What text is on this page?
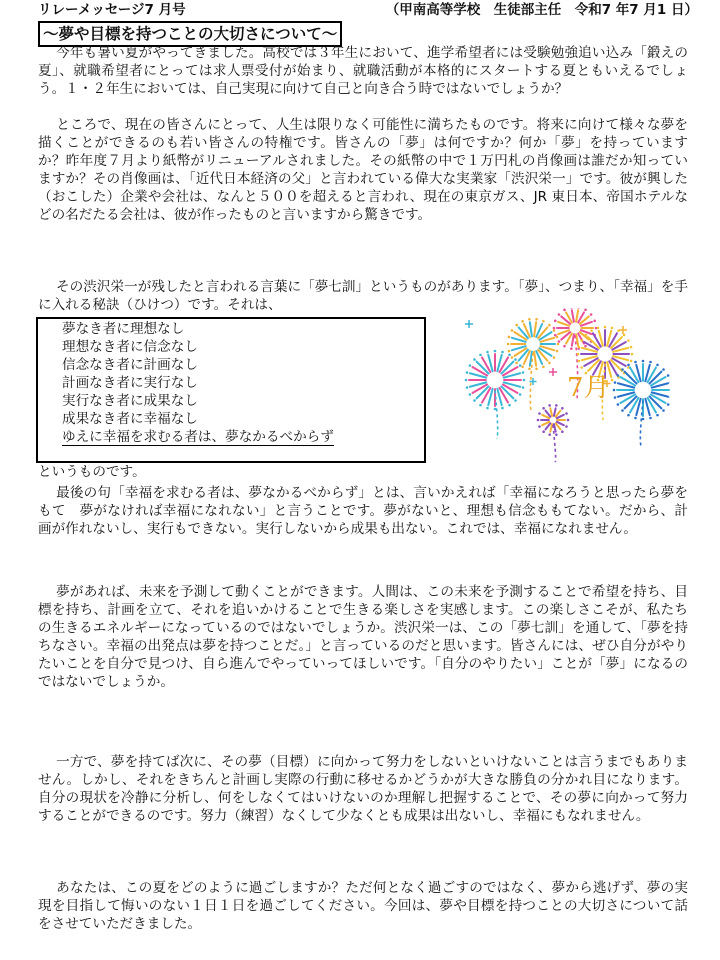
リレーメッセージ7 月号	（甲南高等学校　生徒部主任　令和7 年7 月1 日）
〜夢や目標を持つことの大切さについて〜

今年も暑い夏がやってきました。高校では３年生において、進学希望者には受験勉強追い込み「鍛えの夏」、就職希望者にとっては求人票受付が始まり、就職活動が本格的にスタートする夏ともいえるでしょう。１・２年生においては、自己実現に向けて自己と向き合う時ではないでしょうか？

ところで、現在の皆さんにとって、人生は限りなく可能性に満ちたものです。将来に向けて様々な夢を描くことができるのも若い皆さんの特権です。皆さんの「夢」は何ですか？何か「夢」を持っていますか？昨年度７月より紙幣がリニューアルされました。その紙幣の中で１万円札の肖像画は誰だか知っていますか？その肖像画は、「近代日本経済の父」と言われている偉大な実業家「渋沢栄一」です。彼が興した（おこした）企業や会社は、なんと５００を超えると言われ、現在の東京ガス、JR 東日本、帝国ホテルなどの名だたる会社は、彼が作ったものと言いますから驚きです。

その渋沢栄一が残したと言われる言葉に「夢七訓」というものがあります。「夢」、つまり、「幸福」を手に入れる秘訣（ひけつ）です。それは、

夢なき者に理想なし
理想なき者に信念なし
信念なき者に計画なし
計画なき者に実行なし
実行なき者に成果なし
成果なき者に幸福なし
ゆえに幸福を求むる者は、夢なかるべからず

というものです。

最後の句「幸福を求むる者は、夢なかるべからず」とは、言いかえれば「幸福になろうと思ったら夢をもて　夢がなければ幸福になれない」と言うことです。夢がないと、理想も信念ももてない。だから、計画が作れないし、実行もできない。実行しないから成果も出ない。これでは、幸福になれません。

夢があれば、未来を予測して動くことができます。人間は、この未来を予測することで希望を持ち、目標を持ち、計画を立て、それを追いかけることで生きる楽しさを実感します。この楽しさこそが、私たちの生きるエネルギーになっているのではないでしょうか。渋沢栄一は、この「夢七訓」を通して、「夢を持ちなさい。幸福の出発点は夢を持つことだ。」と言っているのだと思います。皆さんには、ぜひ自分がやりたいことを自分で見つけ、自ら進んでやっていってほしいです。「自分のやりたい」ことが「夢」になるのではないでしょうか。

一方で、夢を持てば次に、その夢（目標）に向かって努力をしないといけないことは言うまでもありません。しかし、それをきちんと計画し実際の行動に移せるかどうかが大きな勝負の分かれ目になります。自分の現状を冷静に分析し、何をしなくてはいけないのか理解し把握することで、その夢に向かって努力することができるのです。努力（練習）なくして少なくとも成果は出ないし、幸福にもなれません。

あなたは、この夏をどのように過ごしますか？ただ何となく過ごすのではなく、夢から逃げず、夢の実現を目指して悔いのない１日１日を過ごしてください。今回は、夢や目標を持つことの大切さについて話をさせていただきました。

7月
